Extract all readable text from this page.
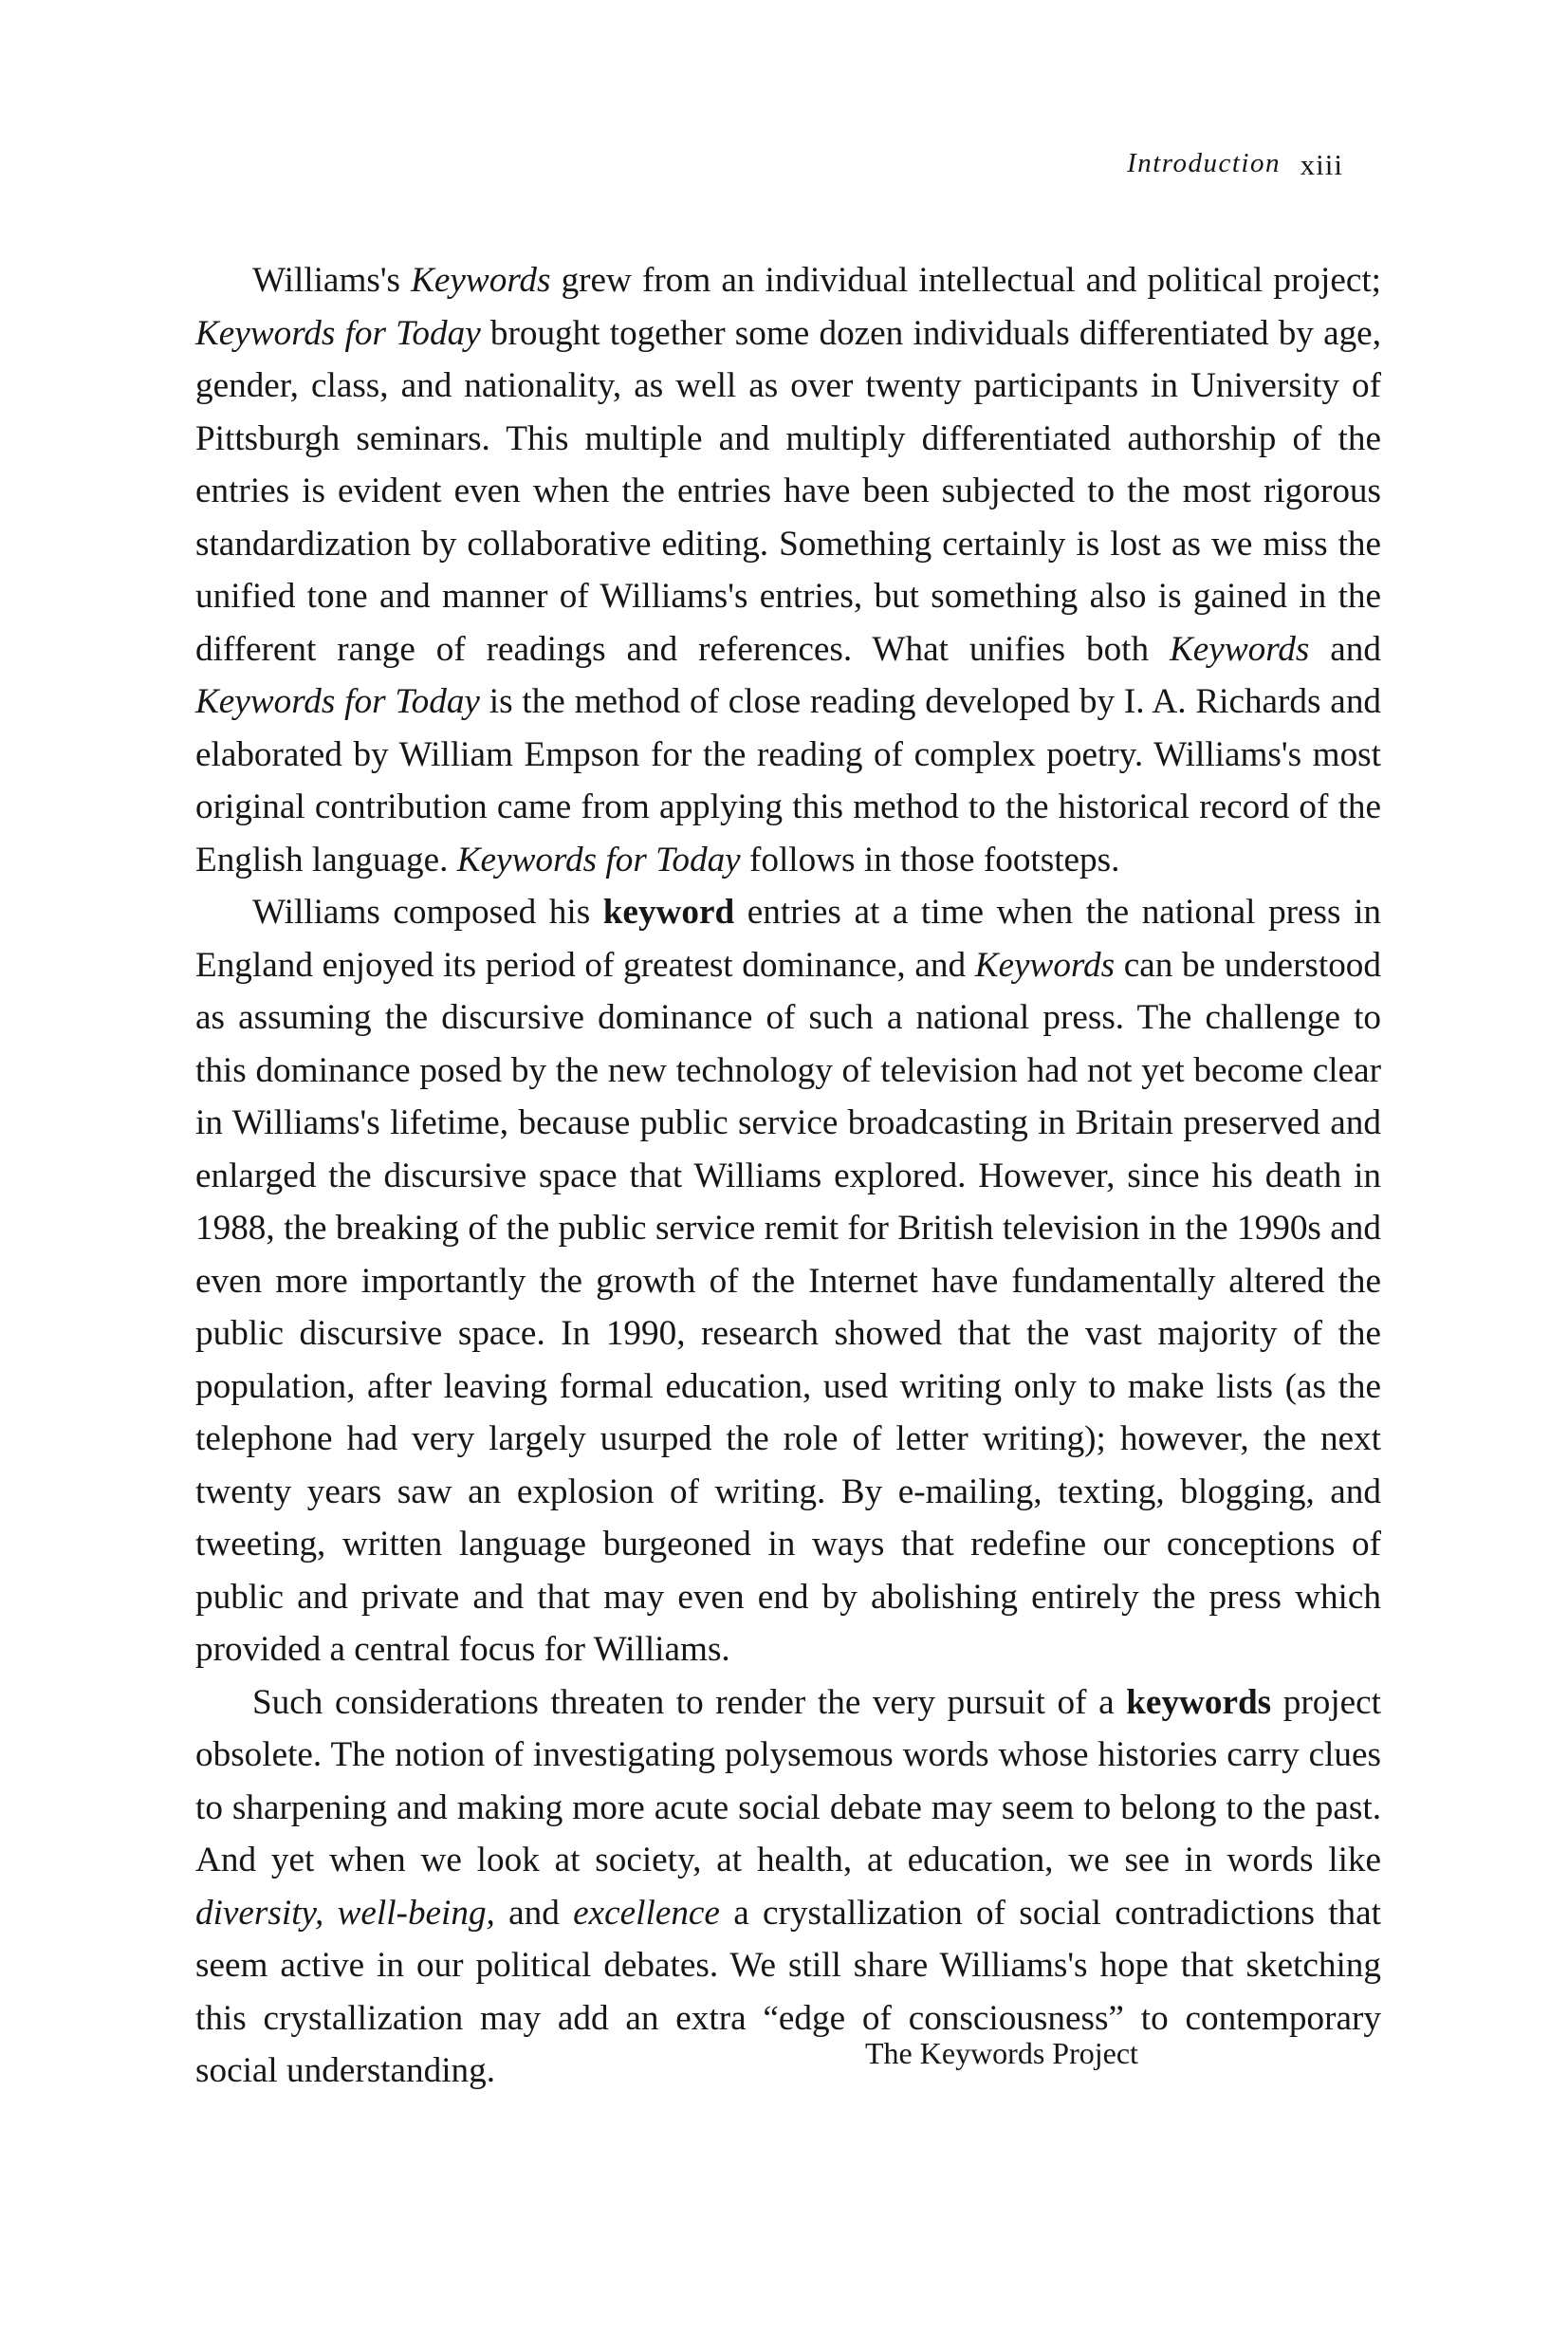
Introduction xiii

Williams's Keywords grew from an individual intellectual and political project; Keywords for Today brought together some dozen individuals differentiated by age, gender, class, and nationality, as well as over twenty participants in University of Pittsburgh seminars. This multiple and multiply differentiated authorship of the entries is evident even when the entries have been subjected to the most rigorous standardization by collaborative editing. Something certainly is lost as we miss the unified tone and manner of Williams's entries, but something also is gained in the different range of readings and references. What unifies both Keywords and Keywords for Today is the method of close reading developed by I. A. Richards and elaborated by William Empson for the reading of complex poetry. Williams's most original contribution came from applying this method to the historical record of the English language. Keywords for Today follows in those footsteps.

Williams composed his keyword entries at a time when the national press in England enjoyed its period of greatest dominance, and Keywords can be understood as assuming the discursive dominance of such a national press. The challenge to this dominance posed by the new technology of television had not yet become clear in Williams's lifetime, because public service broadcasting in Britain preserved and enlarged the discursive space that Williams explored. However, since his death in 1988, the breaking of the public service remit for British television in the 1990s and even more importantly the growth of the Internet have fundamentally altered the public discursive space. In 1990, research showed that the vast majority of the population, after leaving formal education, used writing only to make lists (as the telephone had very largely usurped the role of letter writing); however, the next twenty years saw an explosion of writing. By e-mailing, texting, blogging, and tweeting, written language burgeoned in ways that redefine our conceptions of public and private and that may even end by abolishing entirely the press which provided a central focus for Williams.

Such considerations threaten to render the very pursuit of a keywords project obsolete. The notion of investigating polysemous words whose histories carry clues to sharpening and making more acute social debate may seem to belong to the past. And yet when we look at society, at health, at education, we see in words like diversity, well-being, and excellence a crystallization of social contradictions that seem active in our political debates. We still share Williams's hope that sketching this crystallization may add an extra “edge of consciousness” to contemporary social understanding.	The Keywords Project
